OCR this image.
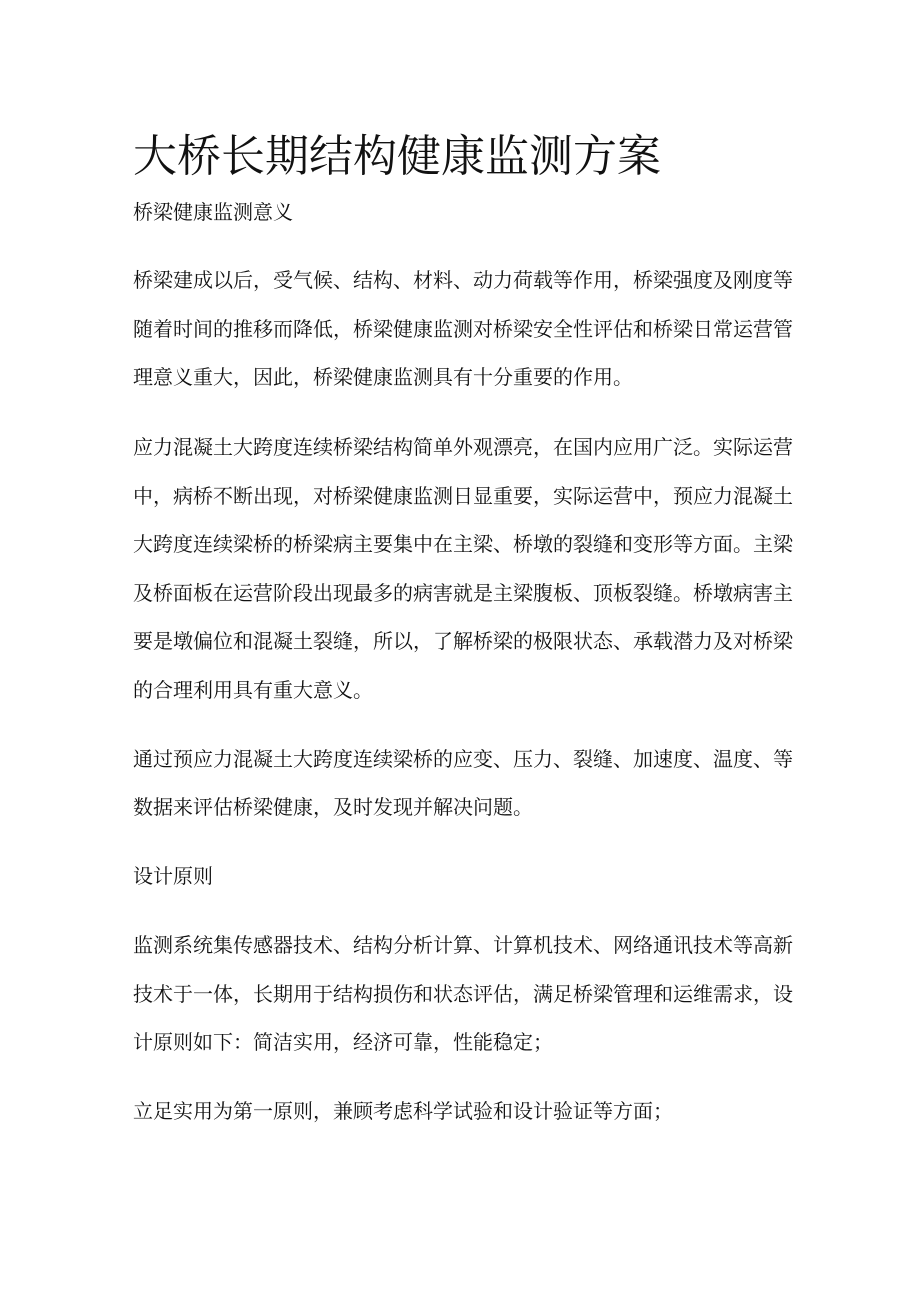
大桥长期结构健康监测方案
桥梁健康监测意义
桥梁建成以后，受气候、结构、材料、动力荷载等作用，桥梁强度及刚度等
随着时间的推移而降低，桥梁健康监测对桥梁安全性评估和桥梁日常运营管
理意义重大，因此，桥梁健康监测具有十分重要的作用。
应力混凝土大跨度连续桥梁结构简单外观漂亮，在国内应用广泛。实际运营
中，病桥不断出现，对桥梁健康监测日显重要，实际运营中，预应力混凝土
大跨度连续梁桥的桥梁病主要集中在主梁、桥墩的裂缝和变形等方面。主梁
及桥面板在运营阶段出现最多的病害就是主梁腹板、顶板裂缝。桥墩病害主
要是墩偏位和混凝土裂缝，所以，了解桥梁的极限状态、承载潜力及对桥梁
的合理利用具有重大意义。
通过预应力混凝土大跨度连续梁桥的应变、压力、裂缝、加速度、温度、等
数据来评估桥梁健康，及时发现并解决问题。
设计原则
监测系统集传感器技术、结构分析计算、计算机技术、网络通讯技术等高新
技术于一体，长期用于结构损伤和状态评估，满足桥梁管理和运维需求，设
计原则如下：简洁实用，经济可靠，性能稳定；
立足实用为第一原则，兼顾考虑科学试验和设计验证等方面；
